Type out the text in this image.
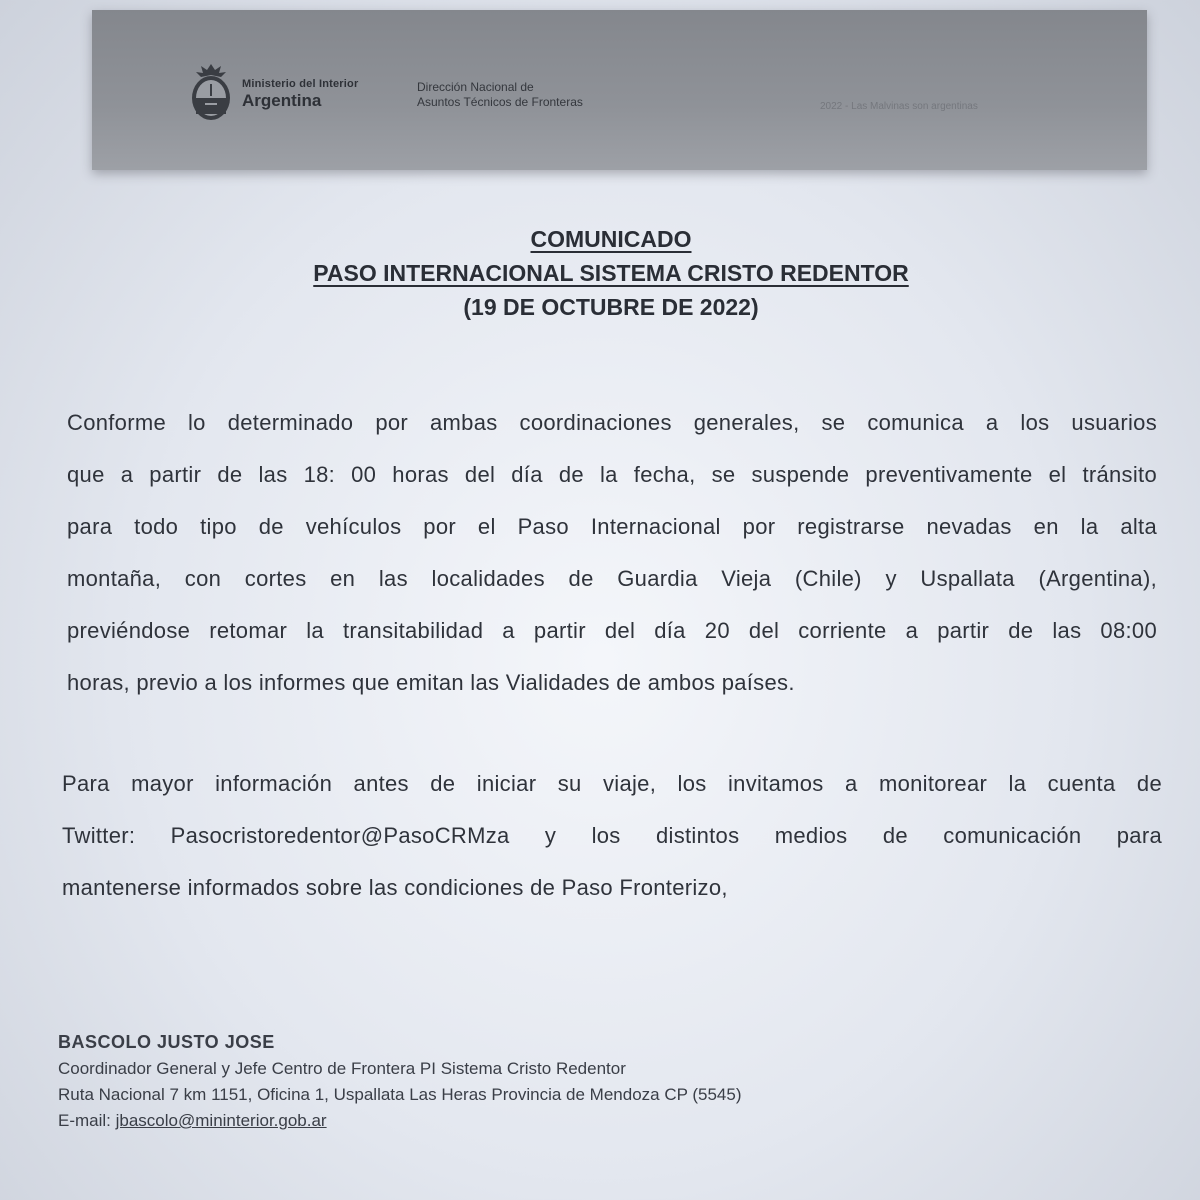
Ministerio del Interior
Argentina
Dirección Nacional de
Asuntos Técnicos de Fronteras	2022 - Las Malvinas son argentinas
COMUNICADO
PASO INTERNACIONAL SISTEMA CRISTO REDENTOR
(19 DE OCTUBRE DE 2022)
Conforme lo determinado por ambas coordinaciones generales, se comunica a los usuarios
que a partir de las 18: 00 horas del día de la fecha, se suspende preventivamente el tránsito
para todo tipo de vehículos por el Paso Internacional por registrarse nevadas en la alta
montaña, con cortes en las localidades de Guardia Vieja (Chile) y Uspallata (Argentina),
previéndose retomar la transitabilidad a partir del día 20 del corriente a partir de las 08:00
horas, previo a los informes que emitan las Vialidades de ambos países.
Para mayor información antes de iniciar su viaje, los invitamos a monitorear la cuenta de
Twitter: Pasocristoredentor@PasoCRMza y los distintos medios de comunicación para
mantenerse informados sobre las condiciones de Paso Fronterizo,
BASCOLO JUSTO JOSE
Coordinador General y Jefe Centro de Frontera PI Sistema Cristo Redentor
Ruta Nacional 7 km 1151, Oficina 1, Uspallata Las Heras Provincia de Mendoza CP (5545)
E-mail: jbascolo@mininterior.gob.ar
